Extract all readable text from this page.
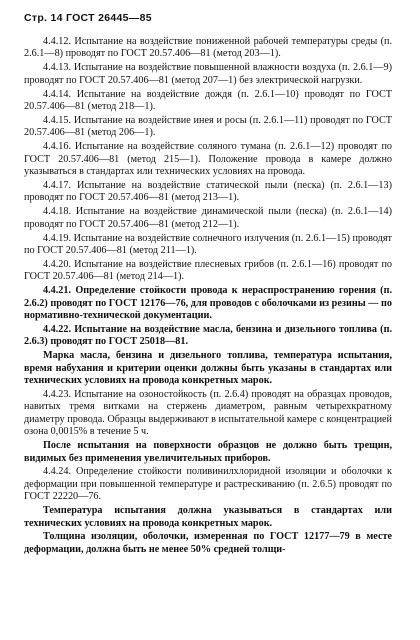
Стр. 14 ГОСТ 26445—85

4.4.12. Испытание на воздействие пониженной рабочей температуры среды (п. 2.6.1—8) проводят по ГОСТ 20.57.406—81 (метод 203—1).

4.4.13. Испытание на воздействие повышенной влажности воздуха (п. 2.6.1—9) проводят по ГОСТ 20.57.406—81 (метод 207—1) без электрической нагрузки.

4.4.14. Испытание на воздействие дождя (п. 2.6.1—10) проводят по ГОСТ 20.57.406—81 (метод 218—1).

4.4.15. Испытание на воздействие инея и росы (п. 2.6.1—11) проводят по ГОСТ 20.57.406—81 (метод 206—1).

4.4.16. Испытание на воздействие соляного тумана (п. 2.6.1—12) проводят по ГОСТ 20.57.406—81 (метод 215—1). Положение провода в камере должно указываться в стандартах или технических условиях на провода.

4.4.17. Испытание на воздействие статической пыли (песка) (п. 2.6.1—13) проводят по ГОСТ 20.57.406—81 (метод 213—1).

4.4.18. Испытание на воздействие динамической пыли (песка) (п. 2.6.1—14) проводят по ГОСТ 20.57.406—81 (метод 212—1).

4.4.19. Испытание на воздействие солнечного излучения (п. 2.6.1—15) проводят по ГОСТ 20.57.406—81 (метод 211—1).

4.4.20. Испытание на воздействие плесневых грибов (п. 2.6.1—16) проводят по ГОСТ 20.57.406—81 (метод 214—1).

4.4.21. Определение стойкости провода к нераспространению горения (п. 2.6.2) проводят по ГОСТ 12176—76, для проводов с оболочками из резины — по нормативно-технической документации.

4.4.22. Испытание на воздействие масла, бензина и дизельного топлива (п. 2.6.3) проводят по ГОСТ 25018—81.

Марка масла, бензина и дизельного топлива, температура испытания, время набухания и критерии оценки должны быть указаны в стандартах или технических условиях на провода конкретных марок.

4.4.23. Испытание на озоностойкость (п. 2.6.4) проводят на образцах проводов, навитых тремя витками на стержень диаметром, равным четырехкратному диаметру провода. Образцы выдерживают в испытательной камере с концентрацией озона 0,0015% в течение 5 ч.

После испытания на поверхности образцов не должно быть трещин, видимых без применения увеличительных приборов.

4.4.24. Определение стойкости поливинилхлоридной изоляции и оболочки к деформации при повышенной температуре и растрескиванию (п. 2.6.5) проводят по ГОСТ 22220—76.

Температура испытания должна указываться в стандартах или технических условиях на провода конкретных марок.

Толщина изоляции, оболочки, измеренная по ГОСТ 12177—79 в месте деформации, должна быть не менее 50% средней толщи-
